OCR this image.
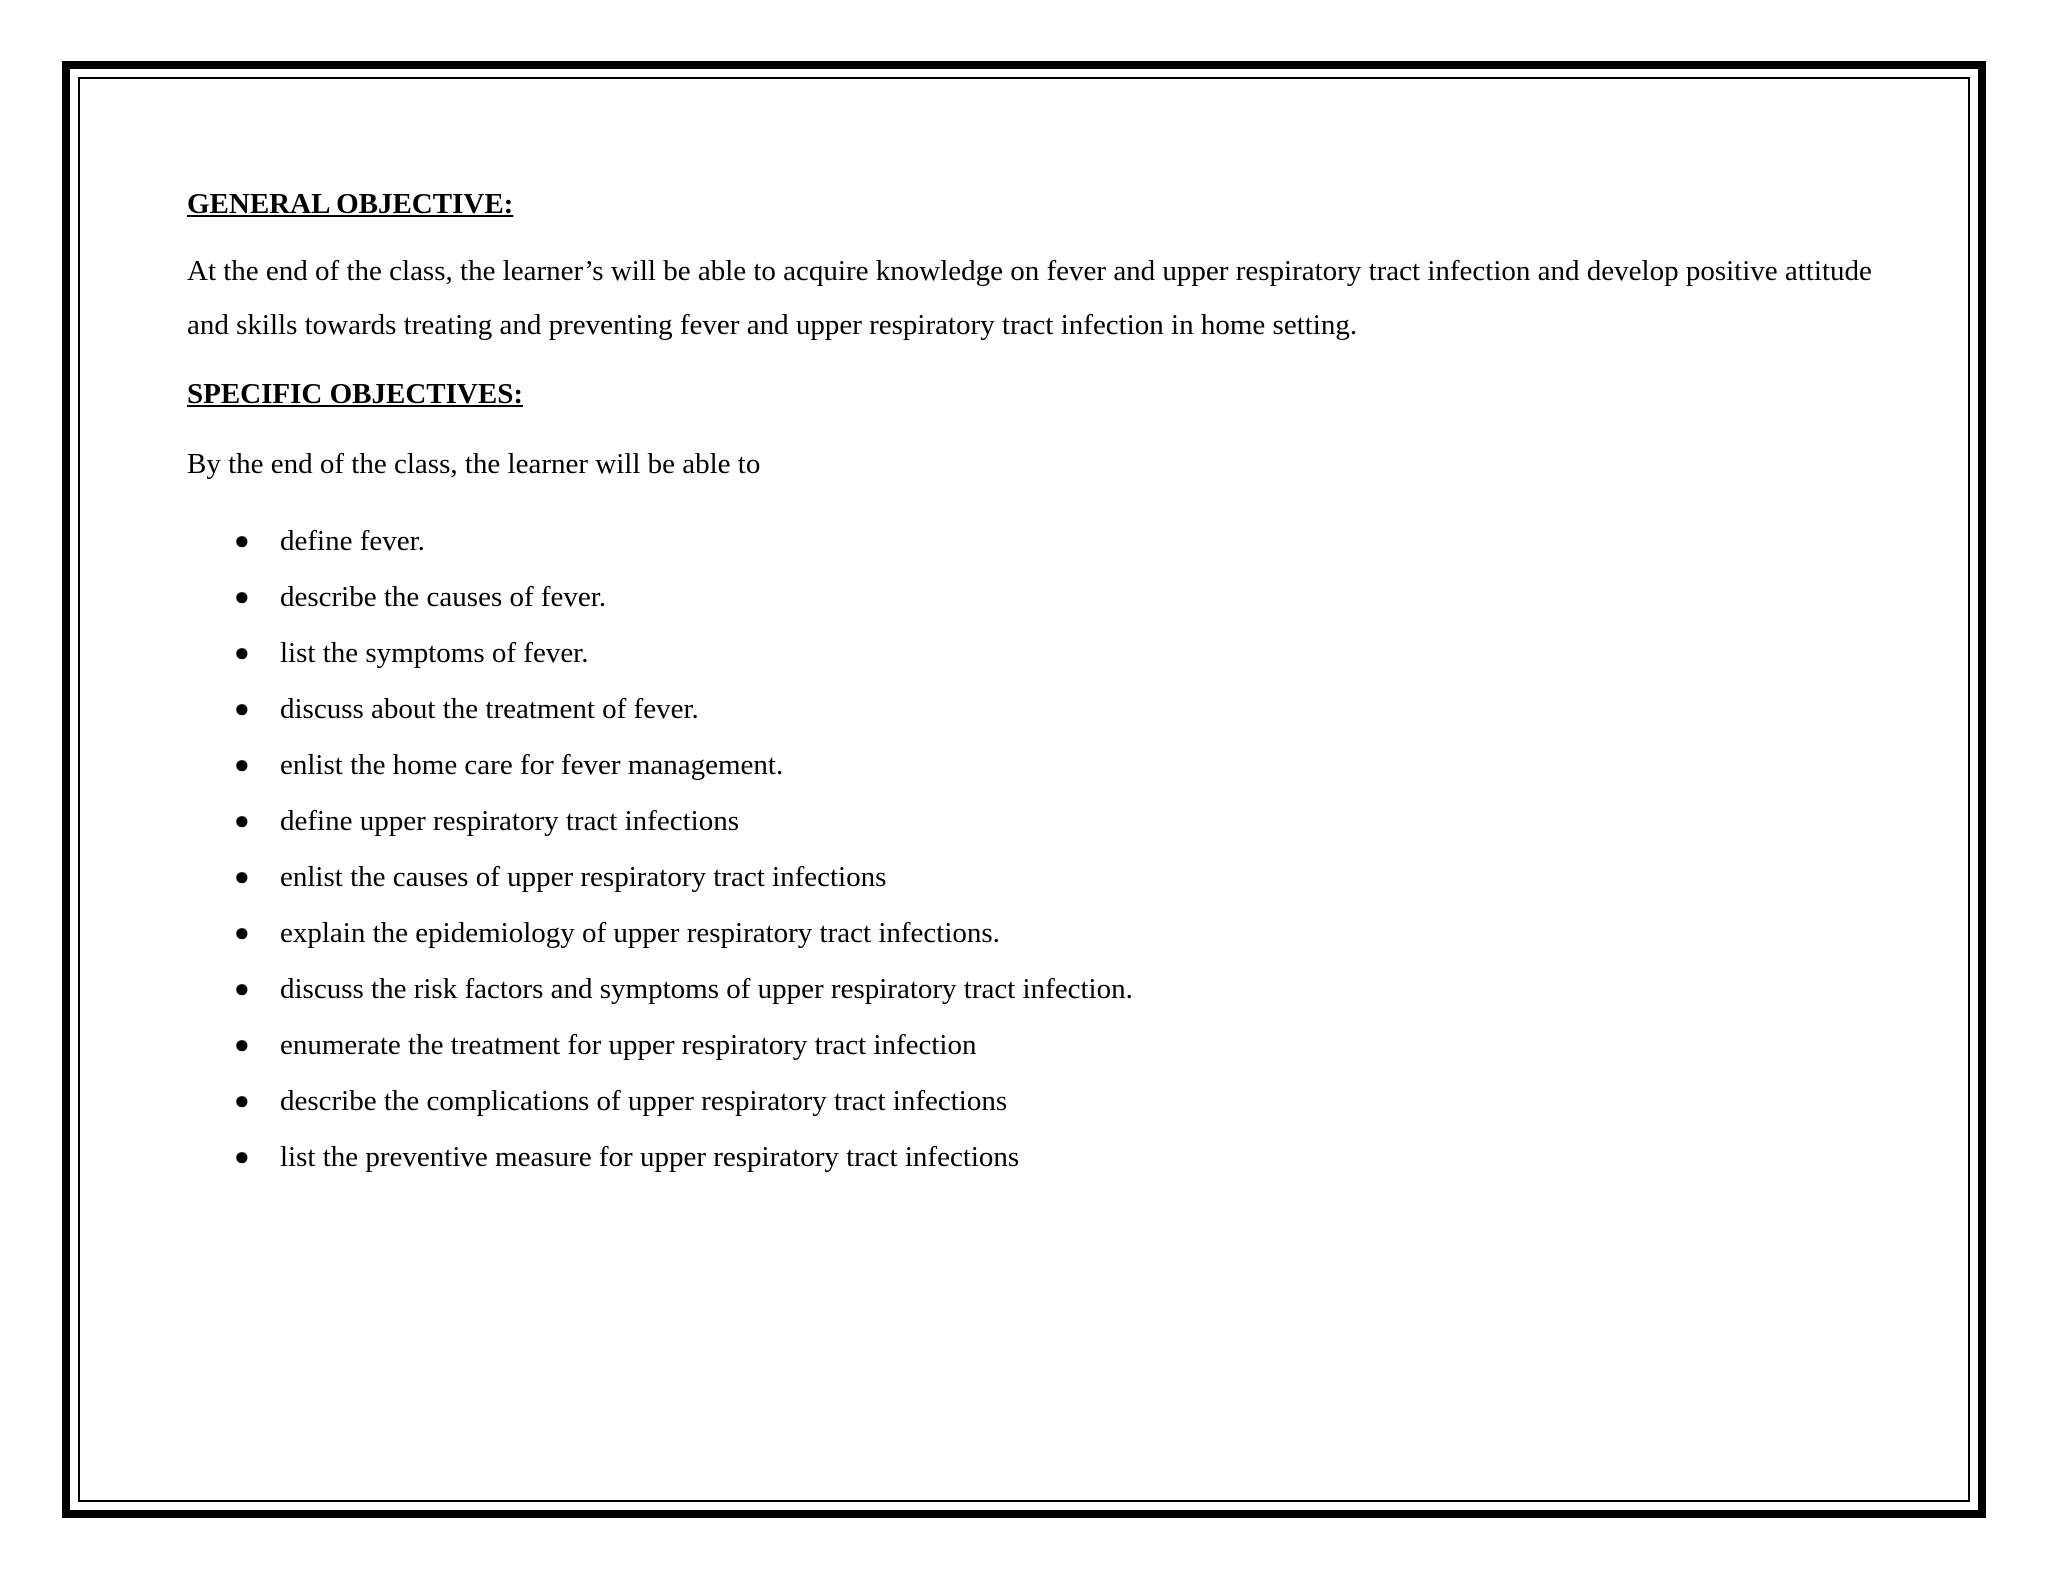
GENERAL OBJECTIVE:

At the end of the class, the learner’s will be able to acquire knowledge on fever and upper respiratory tract infection and develop positive attitude and skills towards treating and preventing fever and upper respiratory tract infection in home setting.

SPECIFIC OBJECTIVES:

By the end of the class, the learner will be able to

● define fever.
● describe the causes of fever.
● list the symptoms of fever.
● discuss about the treatment of fever.
● enlist the home care for fever management.
● define upper respiratory tract infections
● enlist the causes of upper respiratory tract infections
● explain the epidemiology of upper respiratory tract infections.
● discuss the risk factors and symptoms of upper respiratory tract infection.
● enumerate the treatment for upper respiratory tract infection
● describe the complications of upper respiratory tract infections
● list the preventive measure for upper respiratory tract infections
